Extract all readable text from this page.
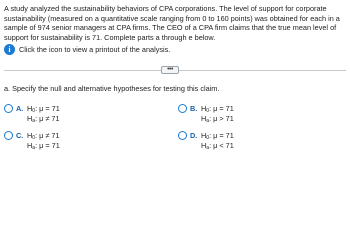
A study analyzed the sustainability behaviors of CPA corporations. The level of support for corporate sustainability (measured on a quantitative scale ranging from 0 to 160 points) was obtained for each in a sample of 974 senior managers at CPA firms. The CEO of a CPA firm claims that the true mean level of support for sustainability is 71. Complete parts a through e below.
i	Click the icon to view a printout of the analysis.
•••
a. Specify the null and alternative hypotheses for testing this claim.
A. $H_0$: μ = 71
$H_a$: μ ≠ 71
B. $H_0$: μ = 71
$H_a$: μ > 71
C. $H_0$: μ ≠ 71
$H_a$: μ = 71
D. $H_0$: μ = 71
$H_a$: μ < 71
